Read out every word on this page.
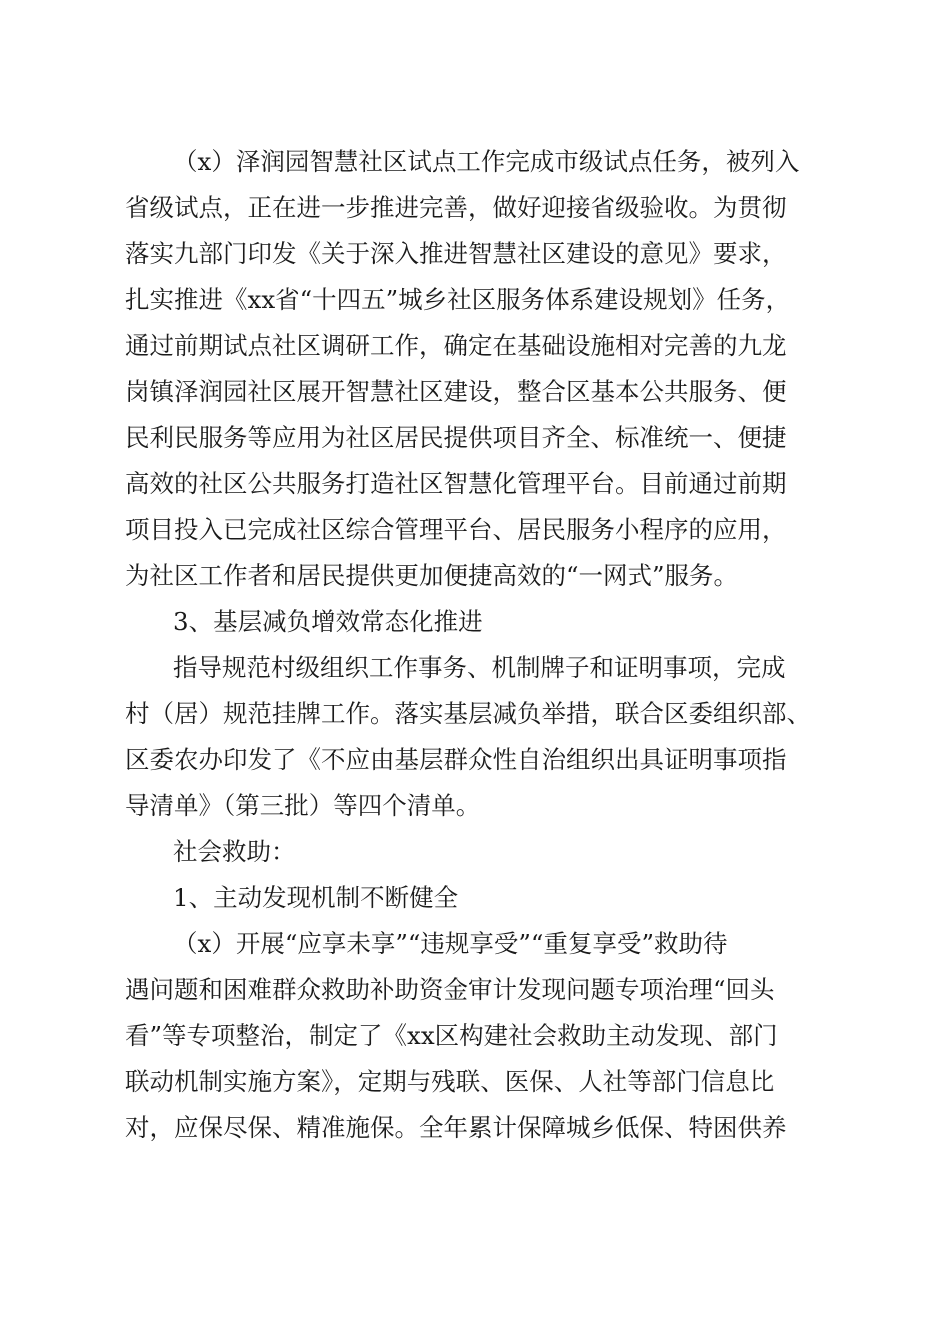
（x）泽润园智慧社区试点工作完成市级试点任务，被列入
省级试点，正在进一步推进完善，做好迎接省级验收。为贯彻
落实九部门印发《关于深入推进智慧社区建设的意见》要求，
扎实推进《xx省“十四五”城乡社区服务体系建设规划》任务，
通过前期试点社区调研工作，确定在基础设施相对完善的九龙
岗镇泽润园社区展开智慧社区建设，整合区基本公共服务、便
民利民服务等应用为社区居民提供项目齐全、标准统一、便捷
高效的社区公共服务打造社区智慧化管理平台。目前通过前期
项目投入已完成社区综合管理平台、居民服务小程序的应用，
为社区工作者和居民提供更加便捷高效的“一网式”服务。
3、基层减负增效常态化推进
指导规范村级组织工作事务、机制牌子和证明事项，完成
村（居）规范挂牌工作。落实基层减负举措，联合区委组织部、
区委农办印发了《不应由基层群众性自治组织出具证明事项指
导清单》（第三批）等四个清单。
社会救助：
1、主动发现机制不断健全
（x）开展“应享未享”“违规享受”“重复享受”救助待
遇问题和困难群众救助补助资金审计发现问题专项治理“回头
看”等专项整治，制定了《xx区构建社会救助主动发现、部门
联动机制实施方案》，定期与残联、医保、人社等部门信息比
对，应保尽保、精准施保。全年累计保障城乡低保、特困供养
